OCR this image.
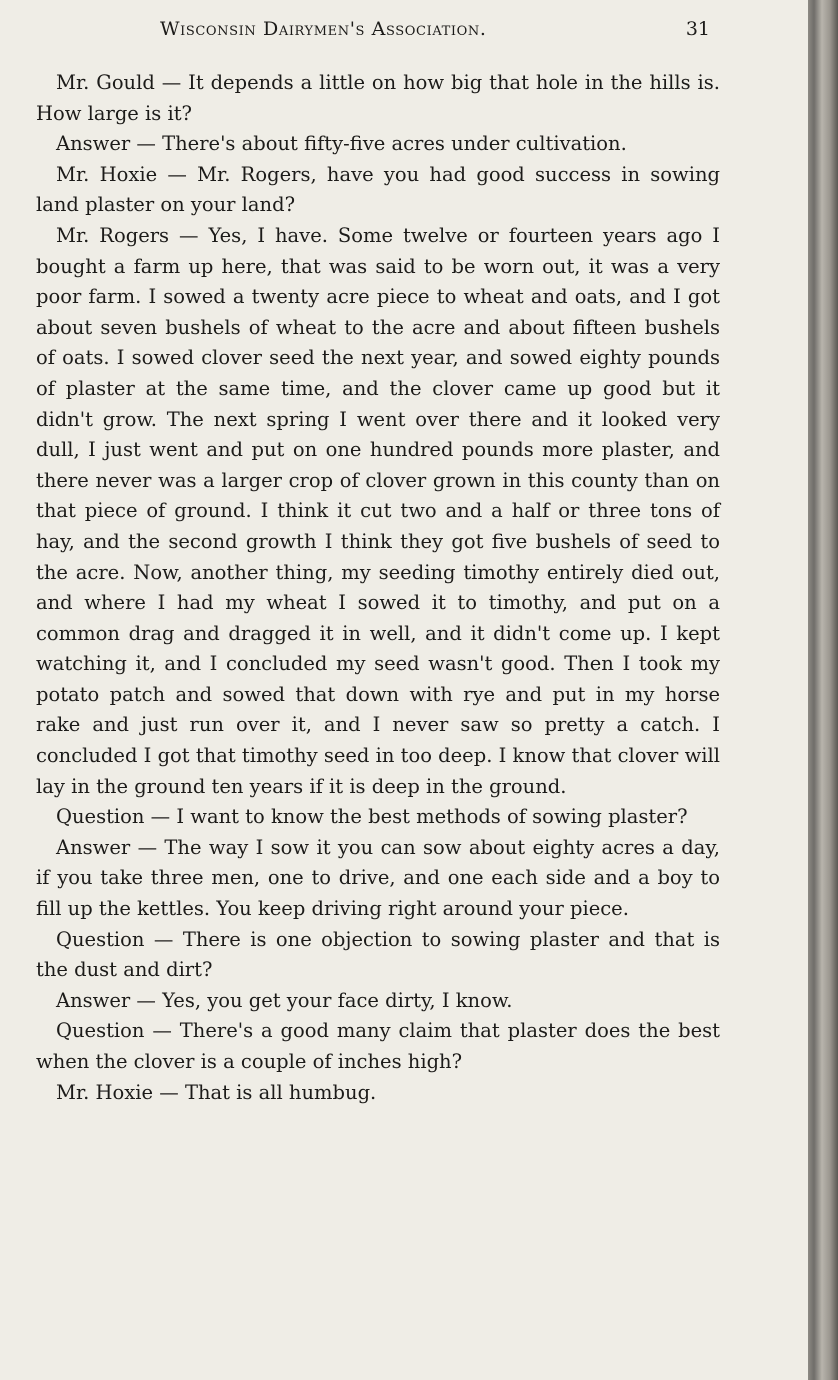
Wisconsin Dairymen's Association.	31

Mr. Gould — It depends a little on how big that hole in the hills is. How large is it?

Answer — There's about fifty-five acres under cultivation.

Mr. Hoxie — Mr. Rogers, have you had good success in sowing land plaster on your land?

Mr. Rogers — Yes, I have. Some twelve or fourteen years ago I bought a farm up here, that was said to be worn out, it was a very poor farm. I sowed a twenty acre piece to wheat and oats, and I got about seven bushels of wheat to the acre and about fifteen bushels of oats. I sowed clover seed the next year, and sowed eighty pounds of plaster at the same time, and the clover came up good but it didn't grow. The next spring I went over there and it looked very dull, I just went and put on one hundred pounds more plaster, and there never was a larger crop of clover grown in this county than on that piece of ground. I think it cut two and a half or three tons of hay, and the second growth I think they got five bushels of seed to the acre. Now, another thing, my seeding timothy entirely died out, and where I had my wheat I sowed it to timothy, and put on a common drag and dragged it in well, and it didn't come up. I kept watching it, and I concluded my seed wasn't good. Then I took my potato patch and sowed that down with rye and put in my horse rake and just run over it, and I never saw so pretty a catch. I concluded I got that timothy seed in too deep. I know that clover will lay in the ground ten years if it is deep in the ground.

Question — I want to know the best methods of sowing plaster?

Answer — The way I sow it you can sow about eighty acres a day, if you take three men, one to drive, and one each side and a boy to fill up the kettles. You keep driving right around your piece.

Question — There is one objection to sowing plaster and that is the dust and dirt?

Answer — Yes, you get your face dirty, I know.

Question — There's a good many claim that plaster does the best when the clover is a couple of inches high?

Mr. Hoxie — That is all humbug.
